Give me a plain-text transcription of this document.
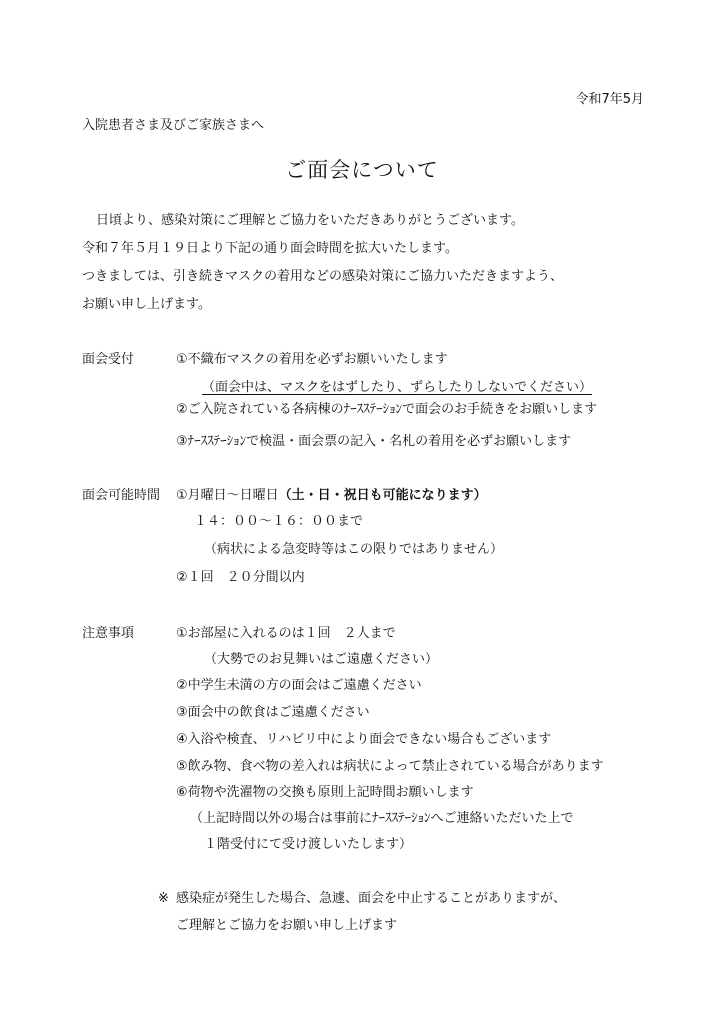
令和7年5月
入院患者さま及びご家族さまへ
ご面会について
日頃より、感染対策にご理解とご協力をいただきありがとうございます。
令和７年５月１９日より下記の通り面会時間を拡大いたします。
つきましては、引き続きマスクの着用などの感染対策にご協力いただきますよう、
お願い申し上げます。
面会受付	①不織布マスクの着用を必ずお願いいたします
（面会中は、マスクをはずしたり、ずらしたりしないでください）
②ご入院されている各病棟のﾅｰｽｽﾃｰｼｮﾝで面会のお手続きをお願いします
③ﾅｰｽｽﾃｰｼｮﾝで検温・面会票の記入・名札の着用を必ずお願いします
面会可能時間 ①月曜日～日曜日（土・日・祝日も可能になります）
１４：００～１６：００まで
（病状による急変時等はこの限りではありません）
②１回　２０分間以内
注意事項	①お部屋に入れるのは１回　２人まで
（大勢でのお見舞いはご遠慮ください）
②中学生未満の方の面会はご遠慮ください
③面会中の飲食はご遠慮ください
④入浴や検査、リハビリ中により面会できない場合もございます
⑤飲み物、食べ物の差入れは病状によって禁止されている場合があります
⑥荷物や洗濯物の交換も原則上記時間お願いします
（上記時間以外の場合は事前にﾅｰｽｽﾃｰｼｮﾝへご連絡いただいた上で
１階受付にて受け渡しいたします）
※ 感染症が発生した場合、急遽、面会を中止することがありますが、
ご理解とご協力をお願い申し上げます
